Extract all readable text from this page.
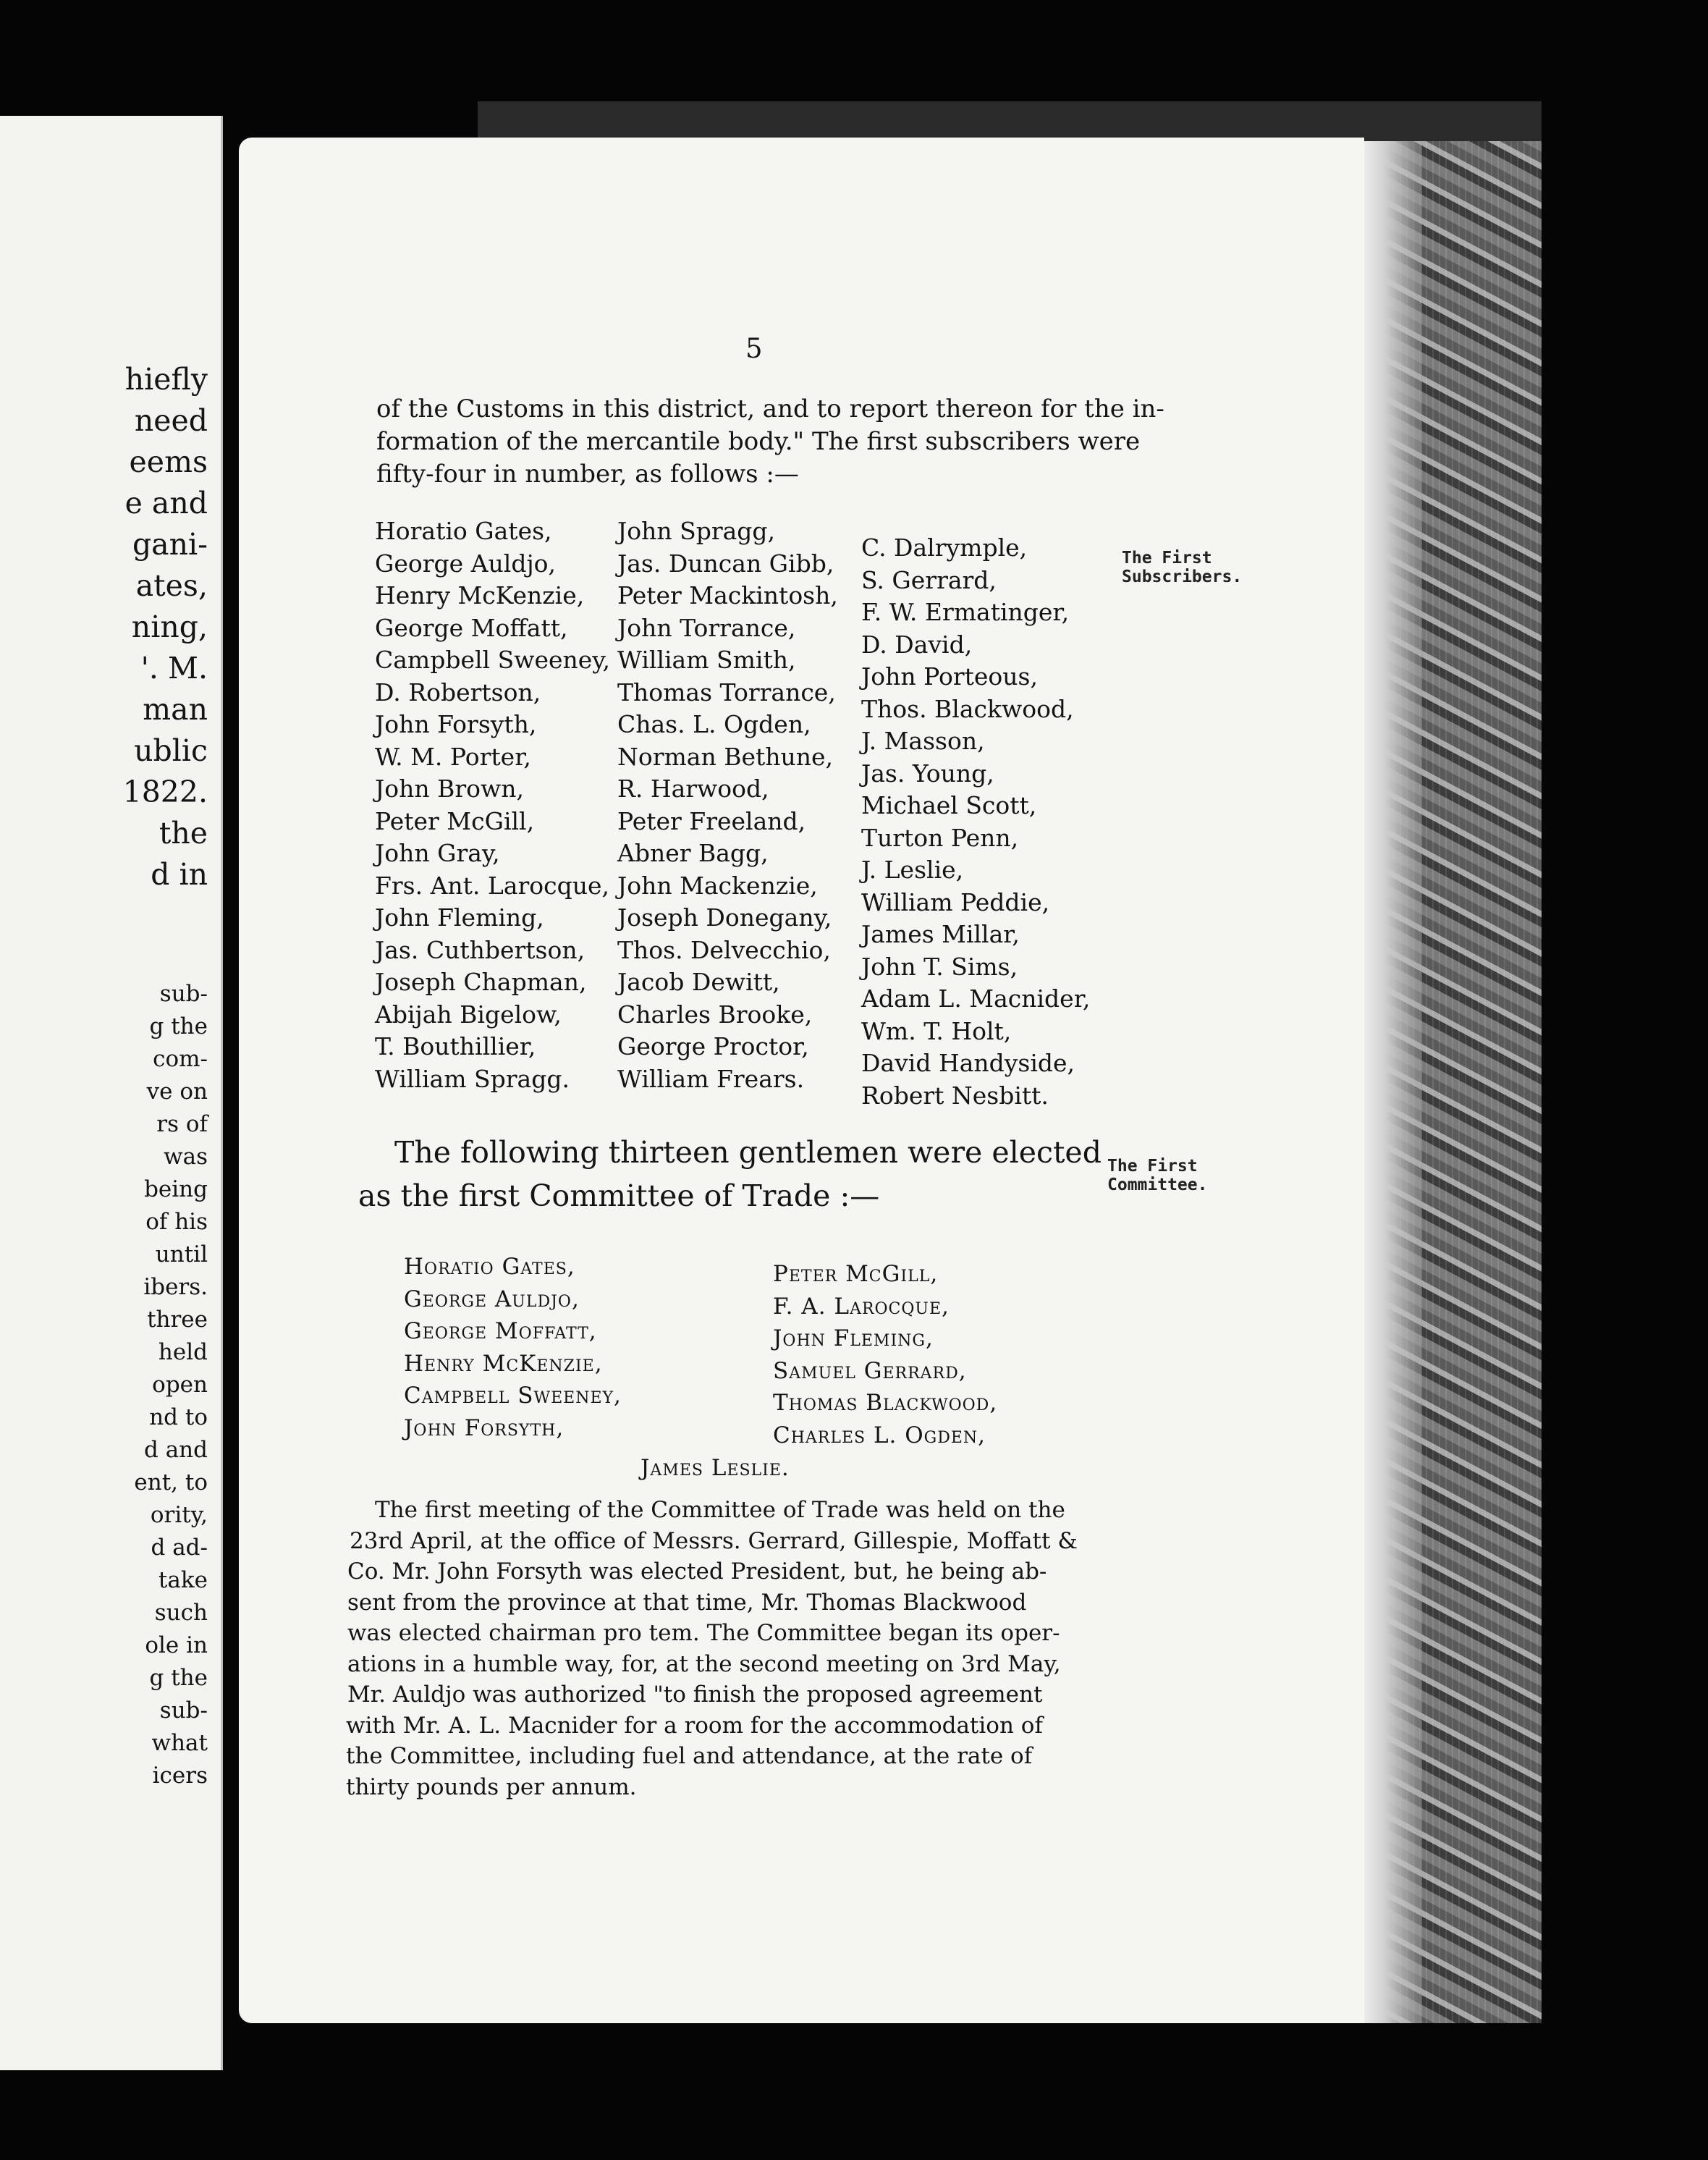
hiefly
need
eems
e and
gani-
ates,
ning,
'. M.
man
ublic
1822.
the
d in
sub-
g the
com-
ve on
rs of
was
being
of his
until
ibers.
three
held
open
nd to
d and
ent, to
ority,
d ad-
take
such
ole in
g the
sub-
what
icers
5
of the Customs in this district, and to report thereon for the in-
formation of the mercantile body." The first subscribers were
fifty-four in number, as follows :—
Horatio Gates,
George Auldjo,
Henry McKenzie,
George Moffatt,
Campbell Sweeney,
D. Robertson,
John Forsyth,
W. M. Porter,
John Brown,
Peter McGill,
John Gray,
Frs. Ant. Larocque,
John Fleming,
Jas. Cuthbertson,
Joseph Chapman,
Abijah Bigelow,
T. Bouthillier,
William Spragg.
John Spragg,
Jas. Duncan Gibb,
Peter Mackintosh,
John Torrance,
William Smith,
Thomas Torrance,
Chas. L. Ogden,
Norman Bethune,
R. Harwood,
Peter Freeland,
Abner Bagg,
John Mackenzie,
Joseph Donegany,
Thos. Delvecchio,
Jacob Dewitt,
Charles Brooke,
George Proctor,
William Frears.
C. Dalrymple,
S. Gerrard,
F. W. Ermatinger,
D. David,
John Porteous,
Thos. Blackwood,
J. Masson,
Jas. Young,
Michael Scott,
Turton Penn,
J. Leslie,
William Peddie,
James Millar,
John T. Sims,
Adam L. Macnider,
Wm. T. Holt,
David Handyside,
Robert Nesbitt.
The First
Subscribers.
The following thirteen gentlemen were elected
as the first Committee of Trade :—
The First
Committee.
Horatio Gates,
George Auldjo,
George Moffatt,
Henry McKenzie,
Campbell Sweeney,
John Forsyth,
Peter McGill,
F. A. Larocque,
John Fleming,
Samuel Gerrard,
Thomas Blackwood,
Charles L. Ogden,
James Leslie.
The first meeting of the Committee of Trade was held on the
23rd April, at the office of Messrs. Gerrard, Gillespie, Moffatt &
Co. Mr. John Forsyth was elected President, but, he being ab-
sent from the province at that time, Mr. Thomas Blackwood
was elected chairman pro tem. The Committee began its oper-
ations in a humble way, for, at the second meeting on 3rd May,
Mr. Auldjo was authorized "to finish the proposed agreement
with Mr. A. L. Macnider for a room for the accommodation of
the Committee, including fuel and attendance, at the rate of
thirty pounds per annum.
